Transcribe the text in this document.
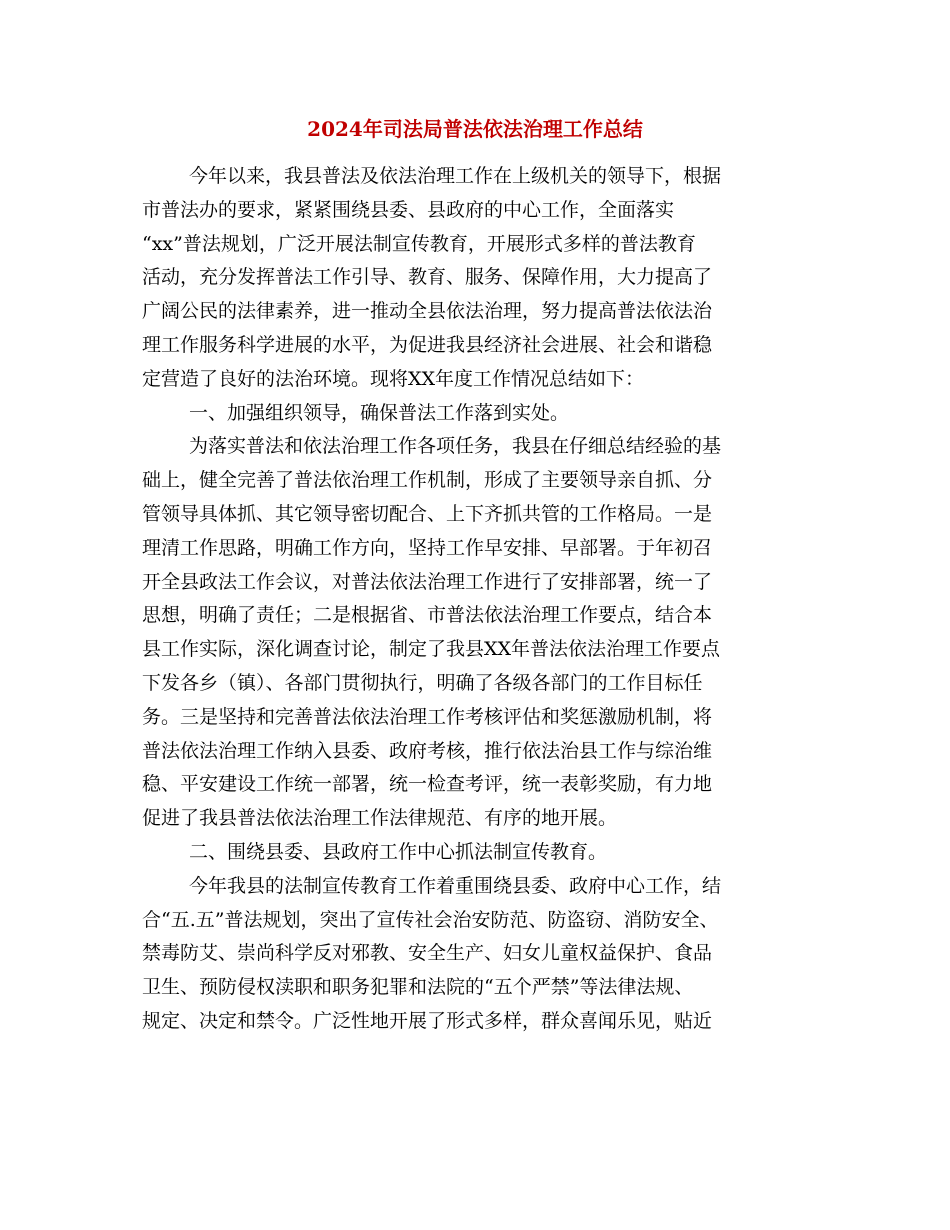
2024年司法局普法依法治理工作总结
今年以来，我县普法及依法治理工作在上级机关的领导下，根据
市普法办的要求，紧紧围绕县委、县政府的中心工作，全面落实
“xx”普法规划，广泛开展法制宣传教育，开展形式多样的普法教育
活动，充分发挥普法工作引导、教育、服务、保障作用，大力提高了
广阔公民的法律素养，进一推动全县依法治理，努力提高普法依法治
理工作服务科学进展的水平，为促进我县经济社会进展、社会和谐稳
定营造了良好的法治环境。现将XX年度工作情况总结如下：
一、加强组织领导，确保普法工作落到实处。
为落实普法和依法治理工作各项任务，我县在仔细总结经验的基
础上，健全完善了普法依治理工作机制，形成了主要领导亲自抓、分
管领导具体抓、其它领导密切配合、上下齐抓共管的工作格局。一是
理清工作思路，明确工作方向，坚持工作早安排、早部署。于年初召
开全县政法工作会议，对普法依法治理工作进行了安排部署，统一了
思想，明确了责任；二是根据省、市普法依法治理工作要点，结合本
县工作实际，深化调查讨论，制定了我县XX年普法依法治理工作要点
下发各乡（镇）、各部门贯彻执行，明确了各级各部门的工作目标任
务。三是坚持和完善普法依法治理工作考核评估和奖惩激励机制，将
普法依法治理工作纳入县委、政府考核，推行依法治县工作与综治维
稳、平安建设工作统一部署，统一检查考评，统一表彰奖励，有力地
促进了我县普法依法治理工作法律规范、有序的地开展。
二、围绕县委、县政府工作中心抓法制宣传教育。
今年我县的法制宣传教育工作着重围绕县委、政府中心工作，结
合“五.五”普法规划，突出了宣传社会治安防范、防盗窃、消防安全、
禁毒防艾、崇尚科学反对邪教、安全生产、妇女儿童权益保护、食品
卫生、预防侵权渎职和职务犯罪和法院的“五个严禁”等法律法规、
规定、决定和禁令。广泛性地开展了形式多样，群众喜闻乐见，贴近
